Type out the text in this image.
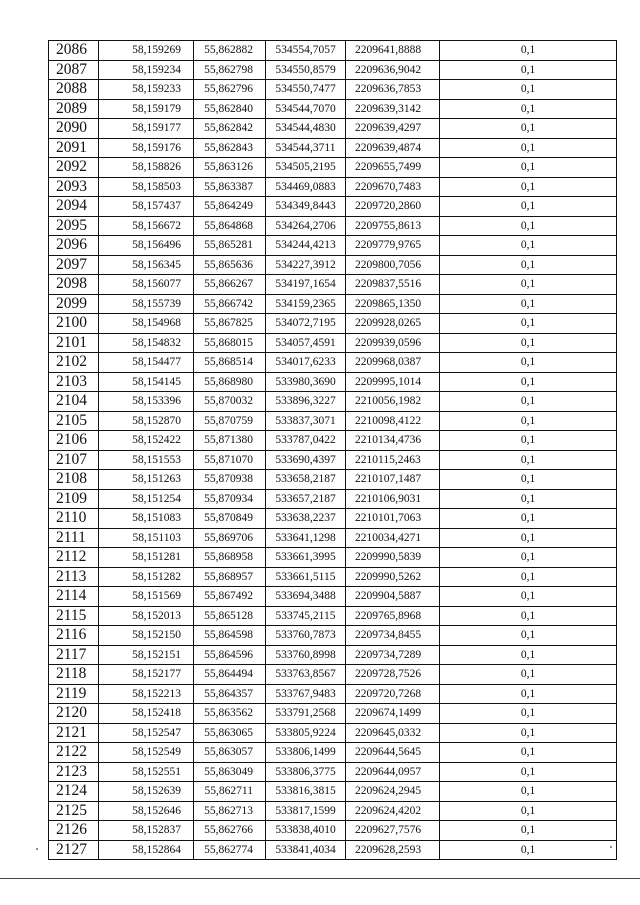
2086	58,159269	55,862882	534554,7057	2209641,8888	0,1
2087	58,159234	55,862798	534550,8579	2209636,9042	0,1
2088	58,159233	55,862796	534550,7477	2209636,7853	0,1
2089	58,159179	55,862840	534544,7070	2209639,3142	0,1
2090	58,159177	55,862842	534544,4830	2209639,4297	0,1
2091	58,159176	55,862843	534544,3711	2209639,4874	0,1
2092	58,158826	55,863126	534505,2195	2209655,7499	0,1
2093	58,158503	55,863387	534469,0883	2209670,7483	0,1
2094	58,157437	55,864249	534349,8443	2209720,2860	0,1
2095	58,156672	55,864868	534264,2706	2209755,8613	0,1
2096	58,156496	55,865281	534244,4213	2209779,9765	0,1
2097	58,156345	55,865636	534227,3912	2209800,7056	0,1
2098	58,156077	55,866267	534197,1654	2209837,5516	0,1
2099	58,155739	55,866742	534159,2365	2209865,1350	0,1
2100	58,154968	55,867825	534072,7195	2209928,0265	0,1
2101	58,154832	55,868015	534057,4591	2209939,0596	0,1
2102	58,154477	55,868514	534017,6233	2209968,0387	0,1
2103	58,154145	55,868980	533980,3690	2209995,1014	0,1
2104	58,153396	55,870032	533896,3227	2210056,1982	0,1
2105	58,152870	55,870759	533837,3071	2210098,4122	0,1
2106	58,152422	55,871380	533787,0422	2210134,4736	0,1
2107	58,151553	55,871070	533690,4397	2210115,2463	0,1
2108	58,151263	55,870938	533658,2187	2210107,1487	0,1
2109	58,151254	55,870934	533657,2187	2210106,9031	0,1
2110	58,151083	55,870849	533638,2237	2210101,7063	0,1
2111	58,151103	55,869706	533641,1298	2210034,4271	0,1
2112	58,151281	55,868958	533661,3995	2209990,5839	0,1
2113	58,151282	55,868957	533661,5115	2209990,5262	0,1
2114	58,151569	55,867492	533694,3488	2209904,5887	0,1
2115	58,152013	55,865128	533745,2115	2209765,8968	0,1
2116	58,152150	55,864598	533760,7873	2209734,8455	0,1
2117	58,152151	55,864596	533760,8998	2209734,7289	0,1
2118	58,152177	55,864494	533763,8567	2209728,7526	0,1
2119	58,152213	55,864357	533767,9483	2209720,7268	0,1
2120	58,152418	55,863562	533791,2568	2209674,1499	0,1
2121	58,152547	55,863065	533805,9224	2209645,0332	0,1
2122	58,152549	55,863057	533806,1499	2209644,5645	0,1
2123	58,152551	55,863049	533806,3775	2209644,0957	0,1
2124	58,152639	55,862711	533816,3815	2209624,2945	0,1
2125	58,152646	55,862713	533817,1599	2209624,4202	0,1
2126	58,152837	55,862766	533838,4010	2209627,7576	0,1
2127	58,152864	55,862774	533841,4034	2209628,2593	0,1
